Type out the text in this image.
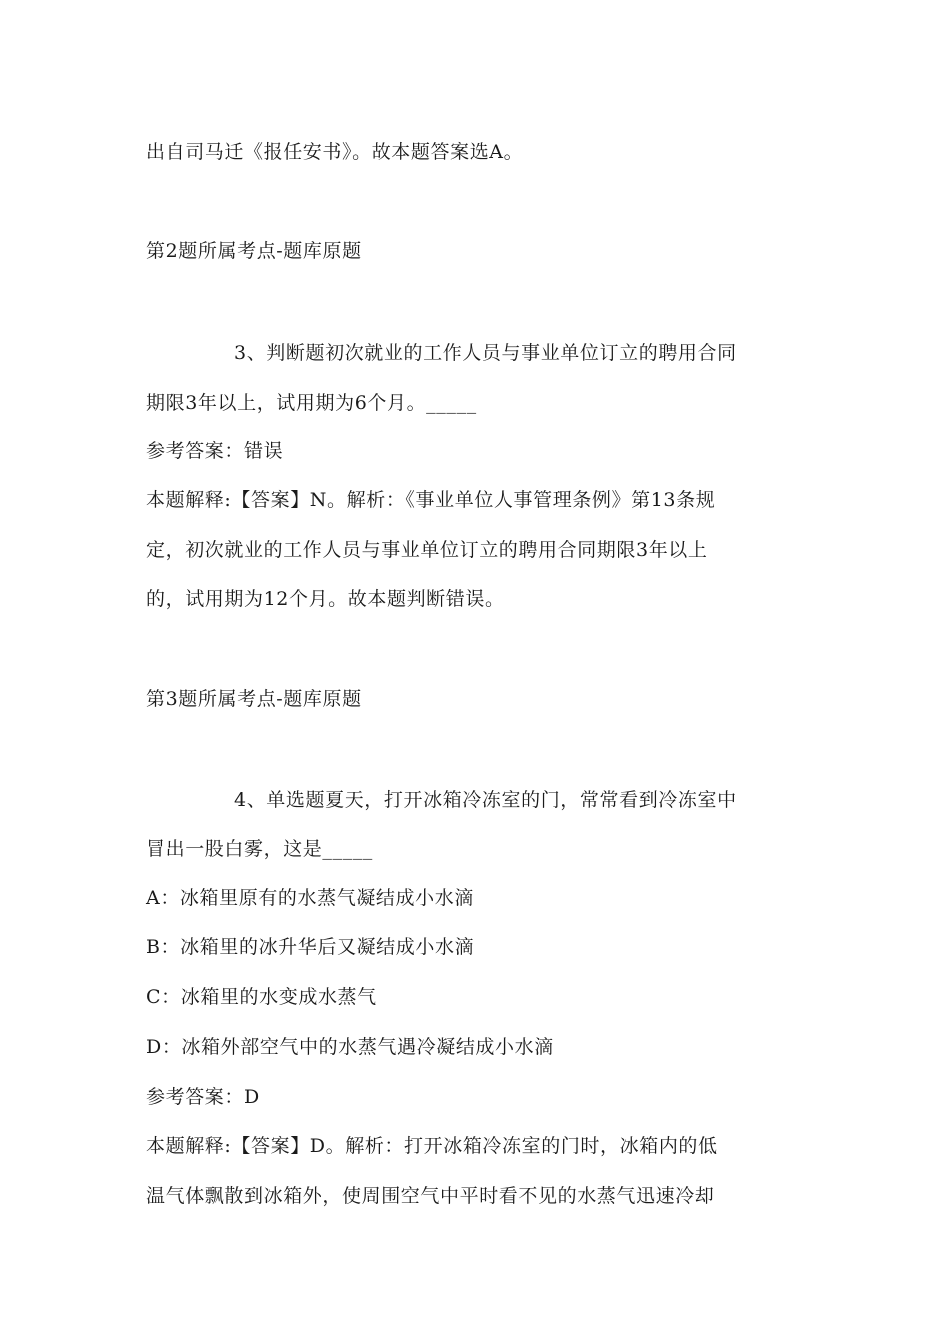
出自司马迁《报任安书》。故本题答案选A。
第2题所属考点-题库原题
3、判断题初次就业的工作人员与事业单位订立的聘用合同
期限3年以上，试用期为6个月。_____
参考答案：错误
本题解释:【答案】N。解析：《事业单位人事管理条例》第13条规
定，初次就业的工作人员与事业单位订立的聘用合同期限3年以上
的，试用期为12个月。故本题判断错误。
第3题所属考点-题库原题
4、单选题夏天，打开冰箱冷冻室的门，常常看到冷冻室中
冒出一股白雾，这是_____
A：冰箱里原有的水蒸气凝结成小水滴
B：冰箱里的冰升华后又凝结成小水滴
C：冰箱里的水变成水蒸气
D：冰箱外部空气中的水蒸气遇冷凝结成小水滴
参考答案：D
本题解释:【答案】D。解析：打开冰箱冷冻室的门时，冰箱内的低
温气体飘散到冰箱外，使周围空气中平时看不见的水蒸气迅速冷却
